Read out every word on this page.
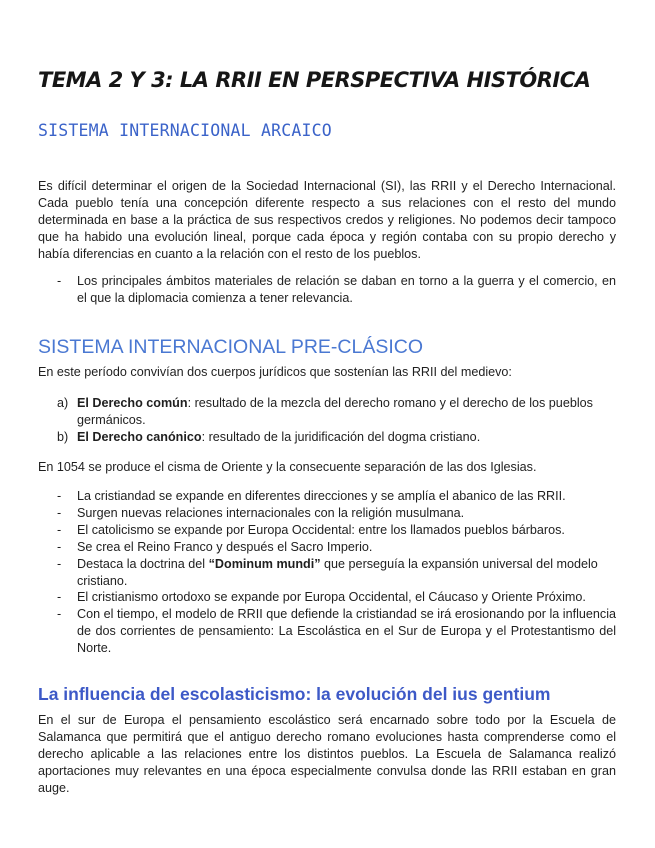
TEMA 2 Y 3: LA RRII EN PERSPECTIVA HISTÓRICA
SISTEMA INTERNACIONAL ARCAICO
Es difícil determinar el origen de la Sociedad Internacional (SI), las RRII y el Derecho Internacional. Cada pueblo tenía una concepción diferente respecto a sus relaciones con el resto del mundo determinada en base a la práctica de sus respectivos credos y religiones. No podemos decir tampoco que ha habido una evolución lineal, porque cada época y región contaba con su propio derecho y había diferencias en cuanto a la relación con el resto de los pueblos.
- Los principales ámbitos materiales de relación se daban en torno a la guerra y el comercio, en el que la diplomacia comienza a tener relevancia.
SISTEMA INTERNACIONAL PRE-CLÁSICO
En este período convivían dos cuerpos jurídicos que sostenían las RRII del medievo:
a) El Derecho común: resultado de la mezcla del derecho romano y el derecho de los pueblos germánicos.
b) El Derecho canónico: resultado de la juridificación del dogma cristiano.
En 1054 se produce el cisma de Oriente y la consecuente separación de las dos Iglesias.
- La cristiandad se expande en diferentes direcciones y se amplía el abanico de las RRII.
- Surgen nuevas relaciones internacionales con la religión musulmana.
- El catolicismo se expande por Europa Occidental: entre los llamados pueblos bárbaros.
- Se crea el Reino Franco y después el Sacro Imperio.
- Destaca la doctrina del “Dominum mundi” que perseguía la expansión universal del modelo cristiano.
- El cristianismo ortodoxo se expande por Europa Occidental, el Cáucaso y Oriente Próximo.
- Con el tiempo, el modelo de RRII que defiende la cristiandad se irá erosionando por la influencia de dos corrientes de pensamiento: La Escolástica en el Sur de Europa y el Protestantismo del Norte.
La influencia del escolasticismo: la evolución del ius gentium
En el sur de Europa el pensamiento escolástico será encarnado sobre todo por la Escuela de Salamanca que permitirá que el antiguo derecho romano evoluciones hasta comprenderse como el derecho aplicable a las relaciones entre los distintos pueblos. La Escuela de Salamanca realizó aportaciones muy relevantes en una época especialmente convulsa donde las RRII estaban en gran auge.
